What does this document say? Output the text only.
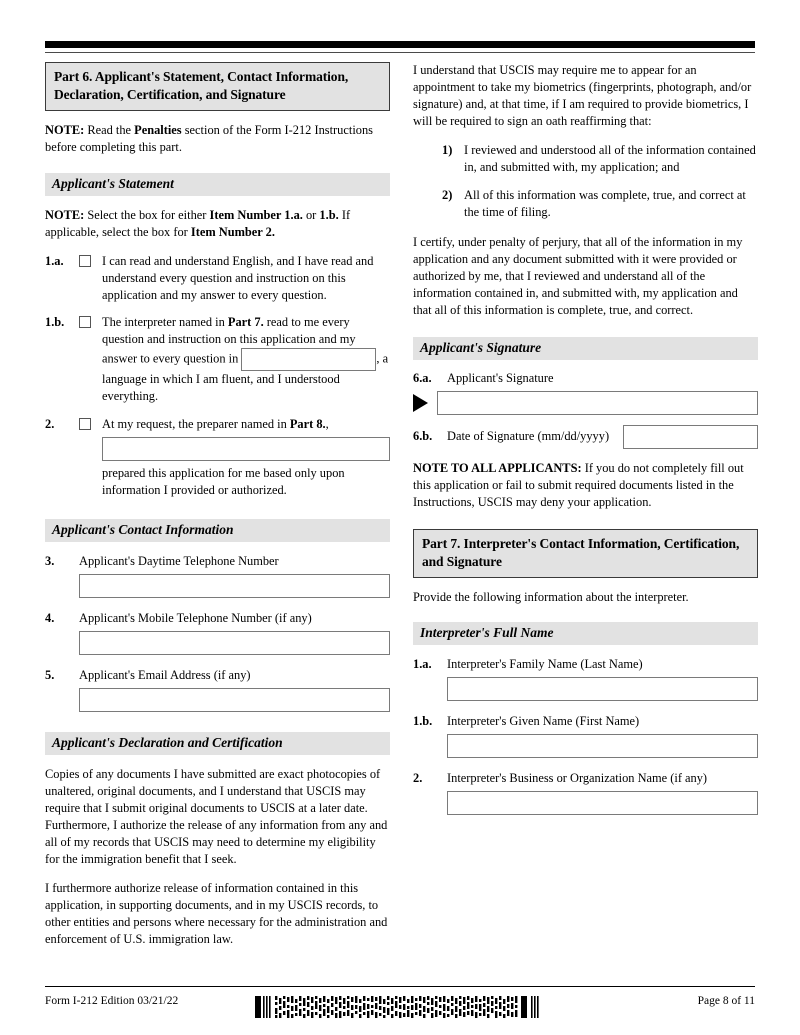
Part 6. Applicant's Statement, Contact Information, Declaration, Certification, and Signature
NOTE: Read the Penalties section of the Form I-212 Instructions before completing this part.
Applicant's Statement
NOTE: Select the box for either Item Number 1.a. or 1.b. If applicable, select the box for Item Number 2.
1.a.	I can read and understand English, and I have read and understand every question and instruction on this application and my answer to every question.
1.b.	The interpreter named in Part 7. read to me every question and instruction on this application and my answer to every question in	, a language in which I am fluent, and I understood everything.
2.	At my request, the preparer named in Part 8.,
prepared this application for me based only upon information I provided or authorized.
Applicant's Contact Information
3.	Applicant's Daytime Telephone Number
4.	Applicant's Mobile Telephone Number (if any)
5.	Applicant's Email Address (if any)
Applicant's Declaration and Certification
Copies of any documents I have submitted are exact photocopies of unaltered, original documents, and I understand that USCIS may require that I submit original documents to USCIS at a later date. Furthermore, I authorize the release of any information from any and all of my records that USCIS may need to determine my eligibility for the immigration benefit that I seek.
I furthermore authorize release of information contained in this application, in supporting documents, and in my USCIS records, to other entities and persons where necessary for the administration and enforcement of U.S. immigration law.
I understand that USCIS may require me to appear for an appointment to take my biometrics (fingerprints, photograph, and/or signature) and, at that time, if I am required to provide biometrics, I will be required to sign an oath reaffirming that:
1) I reviewed and understood all of the information contained in, and submitted with, my application; and
2) All of this information was complete, true, and correct at the time of filing.
I certify, under penalty of perjury, that all of the information in my application and any document submitted with it were provided or authorized by me, that I reviewed and understand all of the information contained in, and submitted with, my application and that all of this information is complete, true, and correct.
Applicant's Signature
6.a.	Applicant's Signature
6.b.	Date of Signature (mm/dd/yyyy)
NOTE TO ALL APPLICANTS: If you do not completely fill out this application or fail to submit required documents listed in the Instructions, USCIS may deny your application.
Part 7. Interpreter's Contact Information, Certification, and Signature
Provide the following information about the interpreter.
Interpreter's Full Name
1.a.	Interpreter's Family Name (Last Name)
1.b.	Interpreter's Given Name (First Name)
2.	Interpreter's Business or Organization Name (if any)
Form I-212 Edition 03/21/22	Page 8 of 11
